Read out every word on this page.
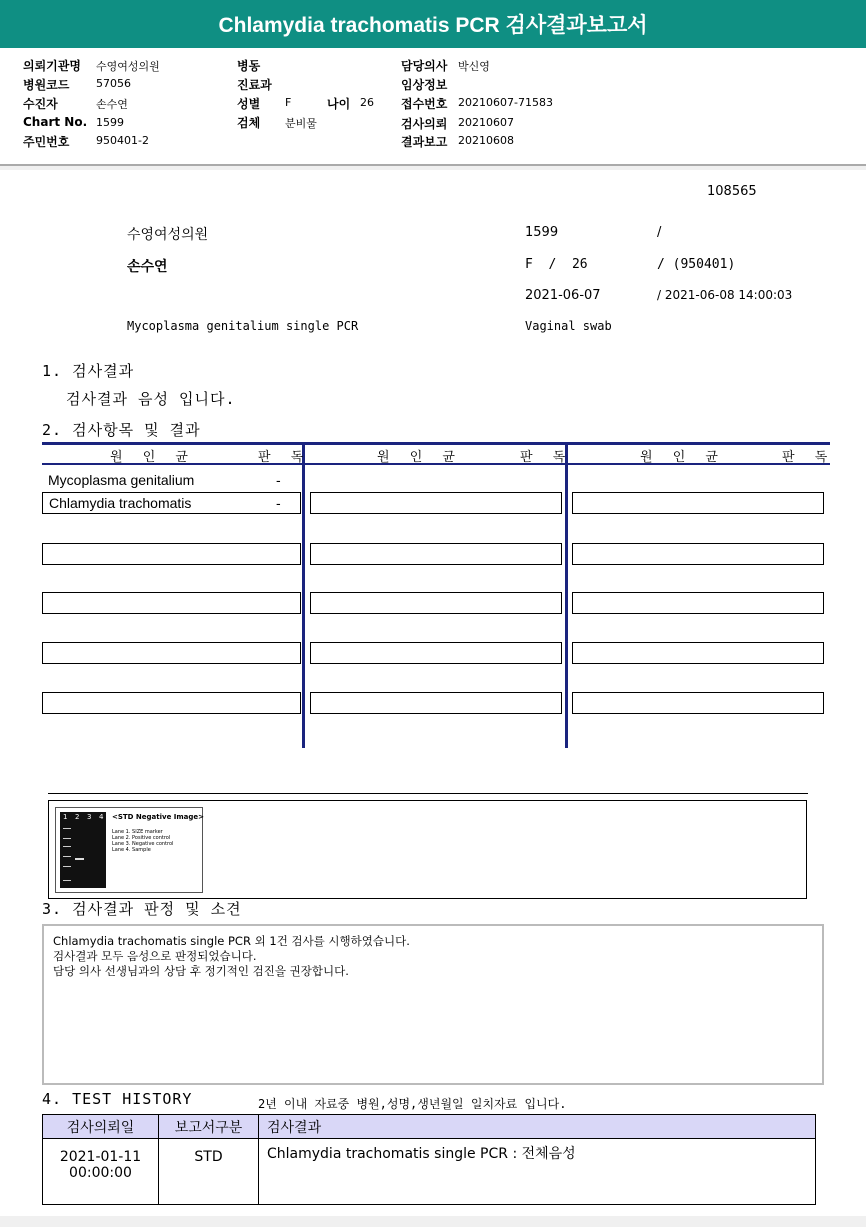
Chlamydia trachomatis PCR 검사결과보고서
의뢰기관명 수영여성의원
병원코드 57056
수진자	손수연
Chart No. 1599
주민번호 950401-2
병동
진료과
성별 F	나이 26
검체 분비물
담당의사 박신영
임상정보
접수번호 20210607-71583
검사의뢰 20210607
결과보고 20210608
108565
수영여성의원	1599	/
손수연	F  /  26	/ (950401)
2021-06-07	/ 2021-06-08 14:00:03
Mycoplasma genitalium single PCR	Vaginal swab
1. 검사결과
검사결과 음성 입니다.
2. 검사항목 및 결과
원 인 균	판 독	원 인 균	판 독	원 인 균	판 독
Mycoplasma genitalium	-
Chlamydia trachomatis	-
1 2 3 4 <STD Negative Image>
Lane 1. SIZE marker
Lane 2. Positive control
Lane 3. Negative control
Lane 4. Sample
3. 검사결과 판정 및 소견
Chlamydia trachomatis single PCR 외 1건 검사를 시행하였습니다.
검사결과 모두 음성으로 판정되었습니다.
담당 의사 선생님과의 상담 후 정기적인 검진을 권장합니다.
4. TEST HISTORY	2년 이내 자료중 병원,성명,생년월일 일치자료 입니다.
검사의뢰일	보고서구분	검사결과

2021-01-11
00:00:00	STD	Chlamydia trachomatis single PCR : 전체음성
